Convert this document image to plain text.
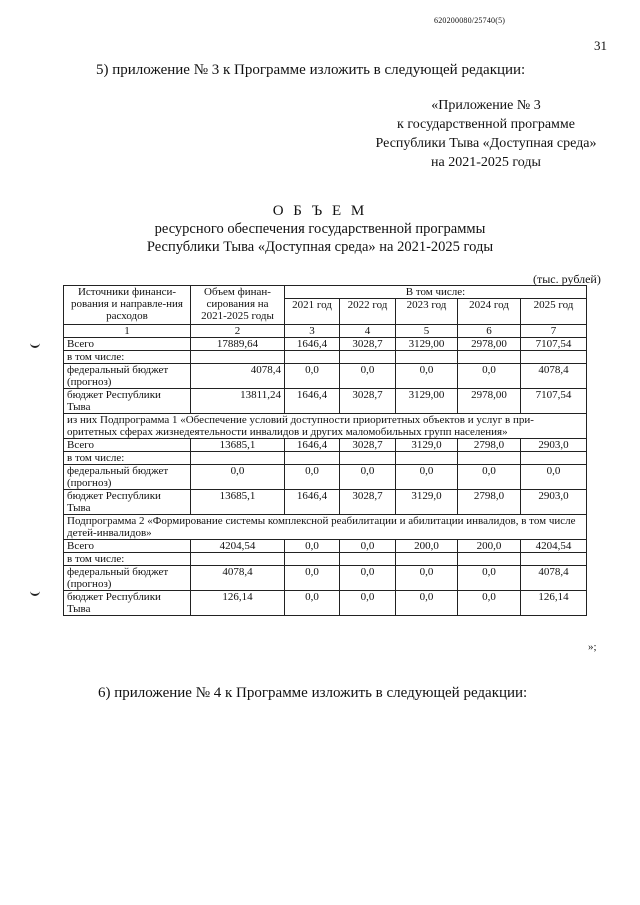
620200080/25740(5)
31
5) приложение № 3 к Программе изложить в следующей редакции:
«Приложение № 3
к государственной программе
Республики Тыва «Доступная среда»
на 2021-2025 годы
О Б Ъ Е М
ресурсного обеспечения государственной программы
Республики Тыва «Доступная среда» на 2021-2025 годы
(тыс. рублей)
Источники финанси-рования и направле-ния расходов	Объем финан-сирования на 2021-2025 годы	В том числе:				
		2021 год	2022 год	2023 год	2024 год	2025 год
1	2	3	4	5	6	7
Всего	17889,64	1646,4	3028,7	3129,00	2978,00	7107,54
в том числе:						
федеральный бюджет (прогноз)	4078,4	0,0	0,0	0,0	0,0	4078,4
бюджет Республики Тыва	13811,24	1646,4	3028,7	3129,00	2978,00	7107,54
из них Подпрограмма 1 «Обеспечение условий доступности приоритетных объектов и услуг в при-оритетных сферах жизнедеятельности инвалидов и других маломобильных групп населения»						
Всего	13685,1	1646,4	3028,7	3129,0	2798,0	2903,0
в том числе:						
федеральный бюджет (прогноз)	0,0	0,0	0,0	0,0	0,0	0,0
бюджет Республики Тыва	13685,1	1646,4	3028,7	3129,0	2798,0	2903,0
Подпрограмма 2 «Формирование системы комплексной реабилитации и абилитации инвалидов, в том числе детей-инвалидов»						
Всего	4204,54	0,0	0,0	200,0	200,0	4204,54
в том числе:						
федеральный бюджет (прогноз)	4078,4	0,0	0,0	0,0	0,0	4078,4
бюджет Республики Тыва	126,14	0,0	0,0	0,0	0,0	126,14
»;
6) приложение № 4 к Программе изложить в следующей редакции:
